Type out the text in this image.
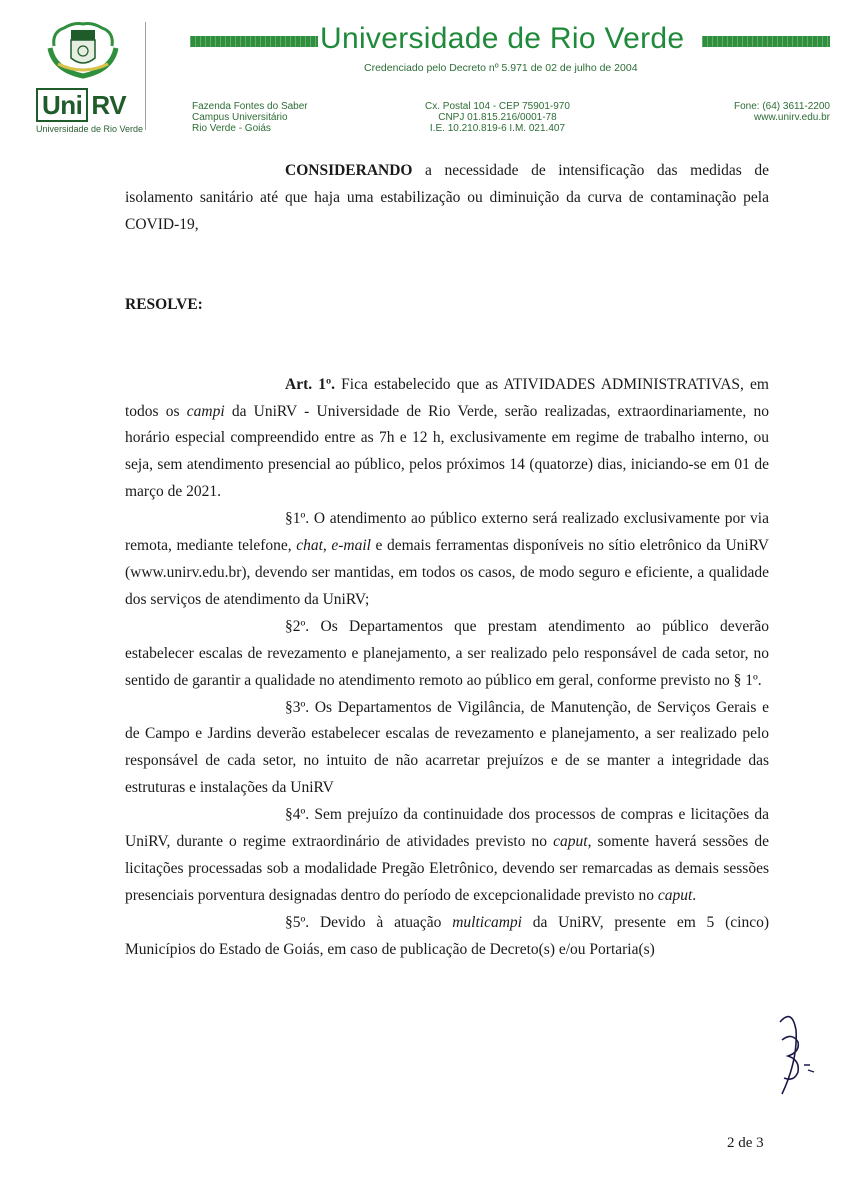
Uni RV
Universidade de Rio Verde
Universidade de Rio Verde
Credenciado pelo Decreto nº 5.971 de 02 de julho de 2004
Fazenda Fontes do Saber
Campus Universitário
Rio Verde - Goiás
Cx. Postal 104 - CEP 75901-970
CNPJ 01.815.216/0001-78
I.E. 10.210.819-6 I.M. 021.407
Fone: (64) 3611-2200
www.unirv.edu.br

CONSIDERANDO a necessidade de intensificação das medidas de isolamento sanitário até que haja uma estabilização ou diminuição da curva de contaminação pela COVID-19,

RESOLVE:

Art. 1º. Fica estabelecido que as ATIVIDADES ADMINISTRATIVAS, em todos os campi da UniRV - Universidade de Rio Verde, serão realizadas, extraordinariamente, no horário especial compreendido entre as 7h e 12 h, exclusivamente em regime de trabalho interno, ou seja, sem atendimento presencial ao público, pelos próximos 14 (quatorze) dias, iniciando-se em 01 de março de 2021.

§1º. O atendimento ao público externo será realizado exclusivamente por via remota, mediante telefone, chat, e-mail e demais ferramentas disponíveis no sítio eletrônico da UniRV (www.unirv.edu.br), devendo ser mantidas, em todos os casos, de modo seguro e eficiente, a qualidade dos serviços de atendimento da UniRV;

§2º. Os Departamentos que prestam atendimento ao público deverão estabelecer escalas de revezamento e planejamento, a ser realizado pelo responsável de cada setor, no sentido de garantir a qualidade no atendimento remoto ao público em geral, conforme previsto no § 1º.

§3º. Os Departamentos de Vigilância, de Manutenção, de Serviços Gerais e de Campo e Jardins deverão estabelecer escalas de revezamento e planejamento, a ser realizado pelo responsável de cada setor, no intuito de não acarretar prejuízos e de se manter a integridade das estruturas e instalações da UniRV

§4º. Sem prejuízo da continuidade dos processos de compras e licitações da UniRV, durante o regime extraordinário de atividades previsto no caput, somente haverá sessões de licitações processadas sob a modalidade Pregão Eletrônico, devendo ser remarcadas as demais sessões presenciais porventura designadas dentro do período de excepcionalidade previsto no caput.

§5º. Devido à atuação multicampi da UniRV, presente em 5 (cinco) Municípios do Estado de Goiás, em caso de publicação de Decreto(s) e/ou Portaria(s)

2 de 3
